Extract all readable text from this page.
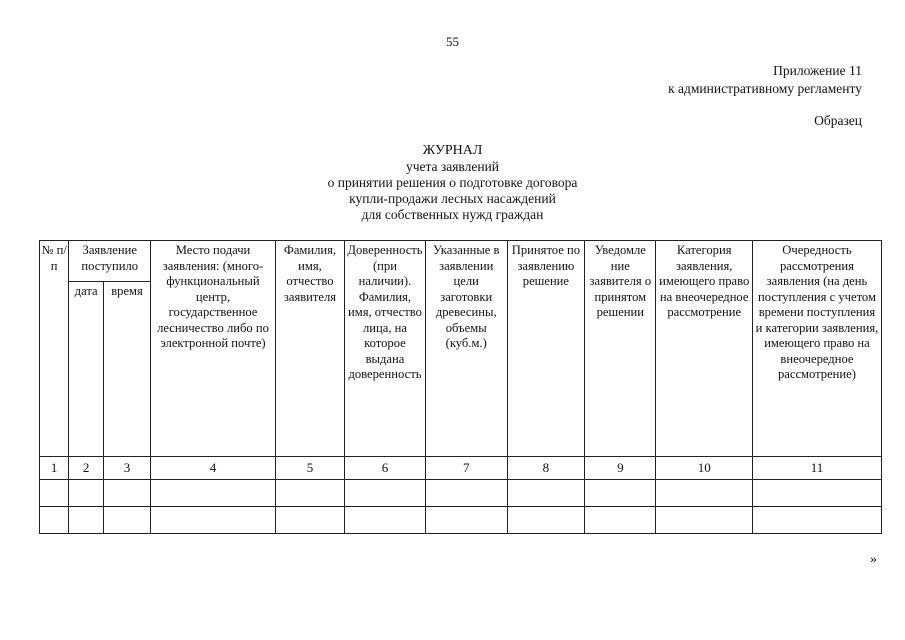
55
Приложение 11
к административному регламенту
Образец
ЖУРНАЛ
учета заявлений
о принятии решения о подготовке договора
купли-продажи лесных насаждений
для собственных нужд граждан
№ п/п	Заявление поступило		Место подачи заявления: (много-функциональный центр, государственное лесничество либо по электронной почте)	Фамилия, имя, отчество заявителя	Доверенность (при наличии). Фамилия, имя, отчество лица, на которое выдана доверенность	Указанные в заявлении цели заготовки древесины, объемы (куб.м.)	Принятое по заявлению решение	Уведомле ние заявителя о принятом решении	Категория заявления, имеющего право на внеочередное рассмотрение	Очередность рассмотрения заявления (на день поступления с учетом времени поступления и категории заявления, имеющего право на внеочередное рассмотрение)
	дата	время								
1	2	3	4	5	6	7	8	9	10	11

»
